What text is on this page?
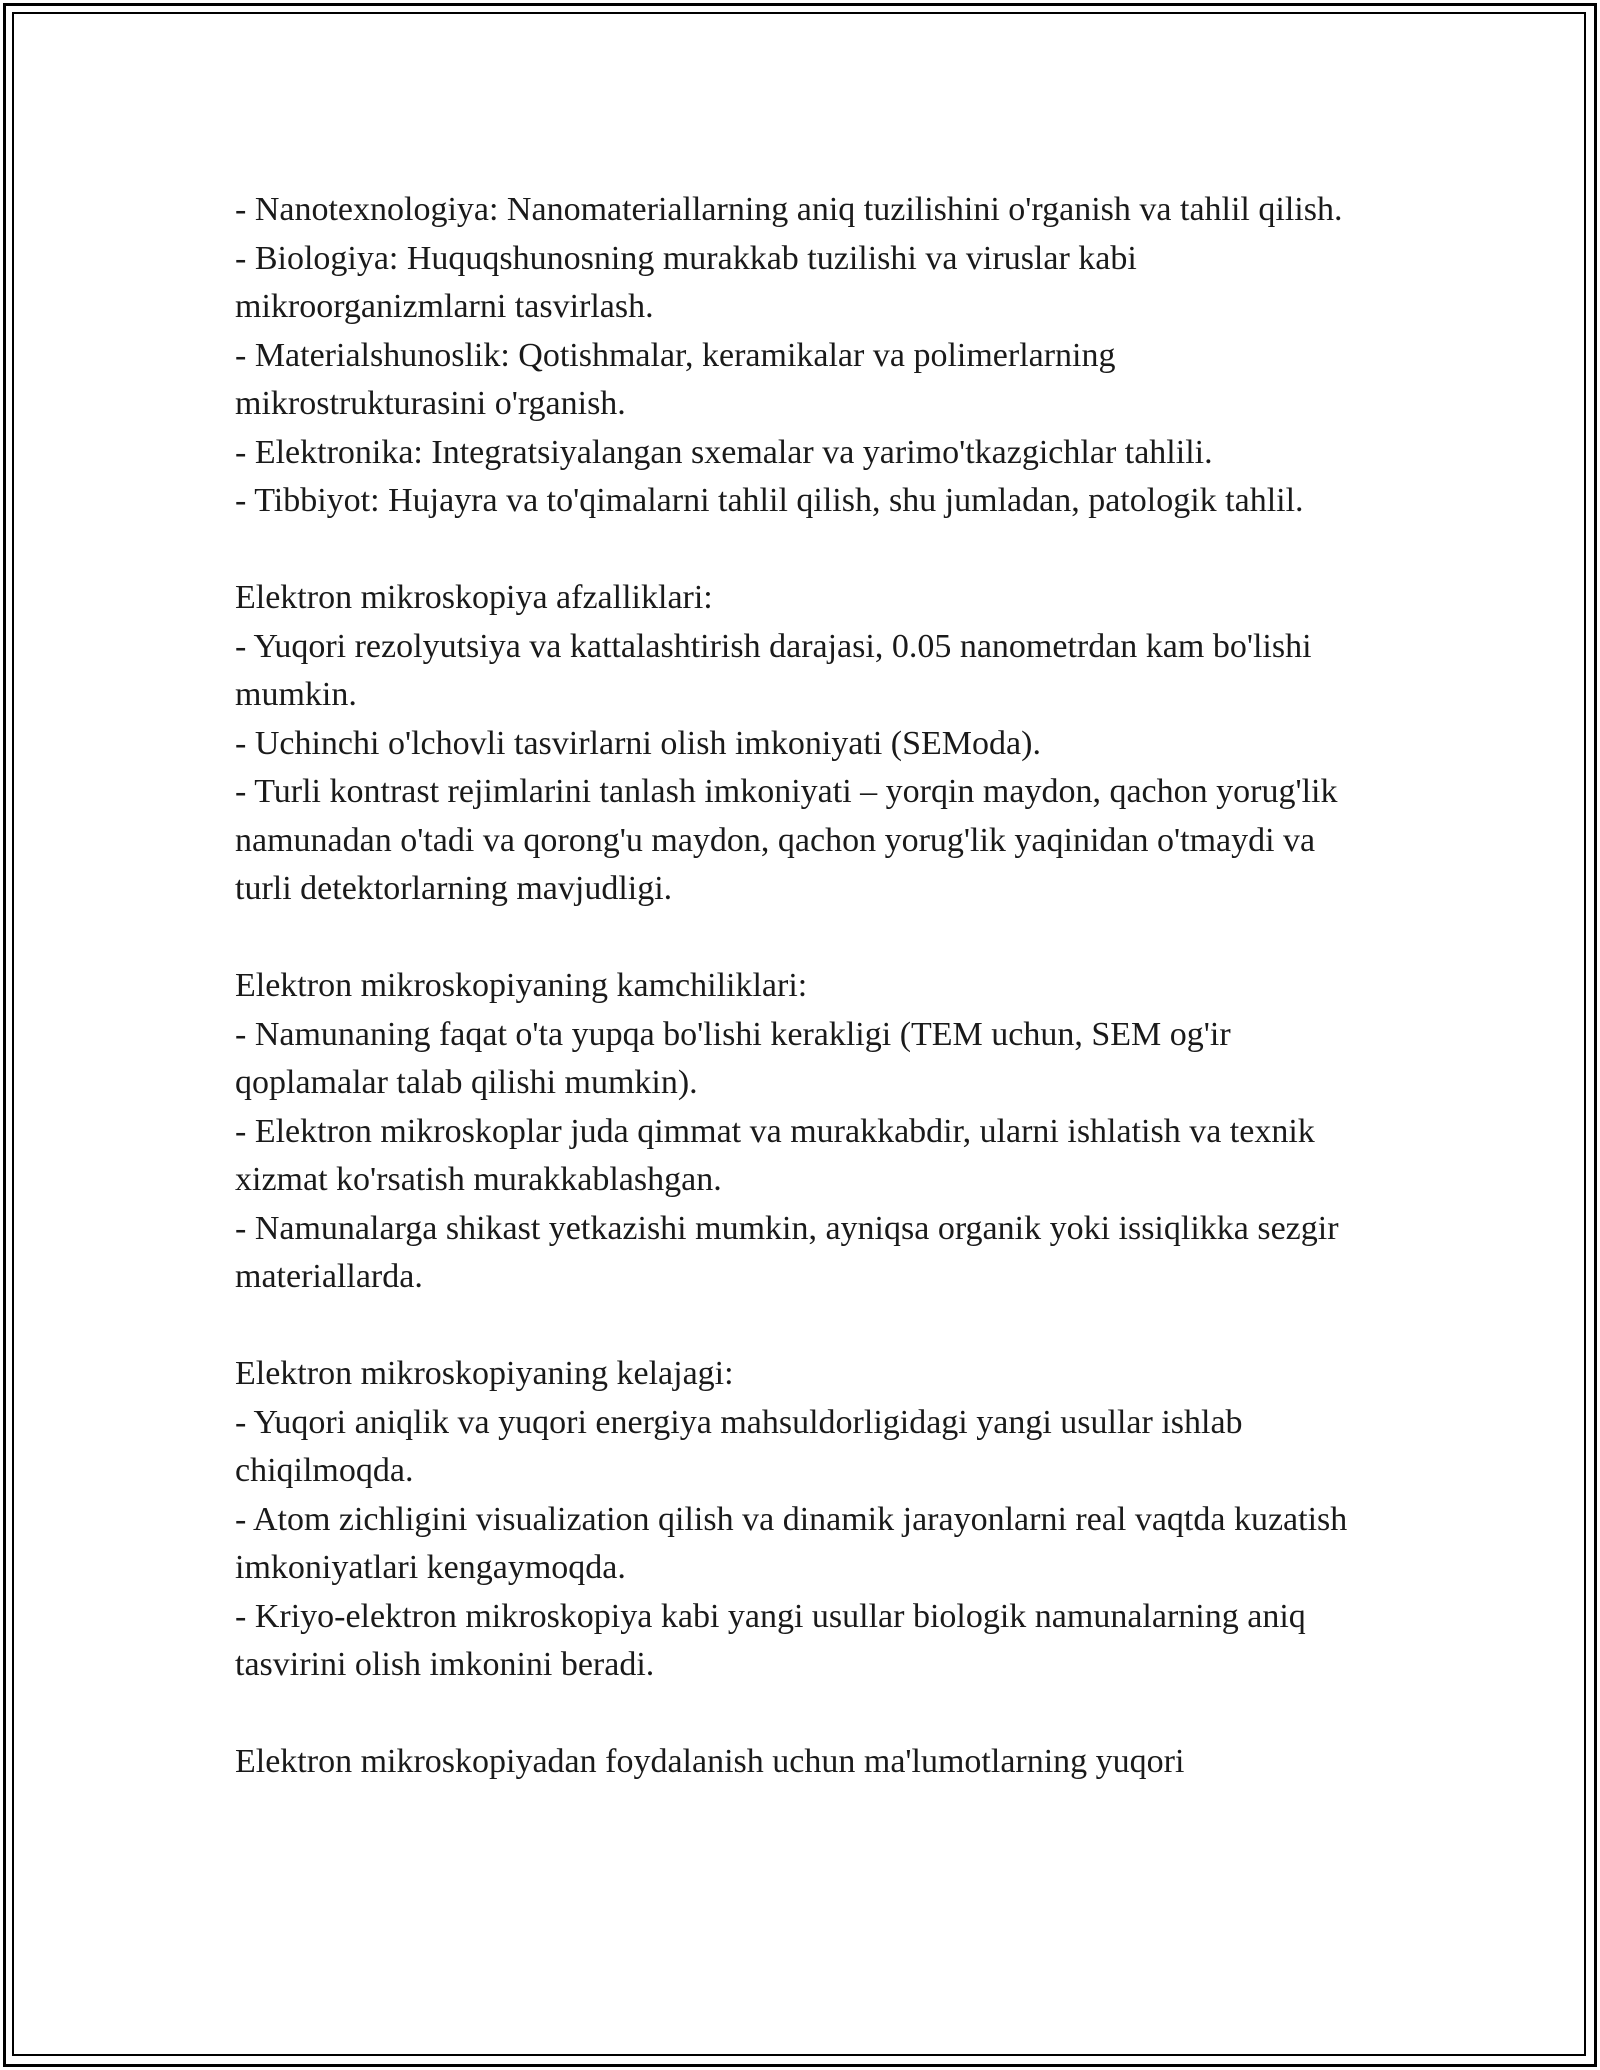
- Nanotexnologiya: Nanomateriallarning aniq tuzilishini o'rganish va tahlil qilish.
- Biologiya: Huquqshunosning murakkab tuzilishi va viruslar kabi mikroorganizmlarni tasvirlash.
- Materialshunoslik: Qotishmalar, keramikalar va polimerlarning mikrostrukturasini o'rganish.
- Elektronika: Integratsiyalangan sxemalar va yarimo'tkazgichlar tahlili.
- Tibbiyot: Hujayra va to'qimalarni tahlil qilish, shu jumladan, patologik tahlil.
Elektron mikroskopiya afzalliklari:
- Yuqori rezolyutsiya va kattalashtirish darajasi, 0.05 nanometrdan kam bo'lishi mumkin.
- Uchinchi o'lchovli tasvirlarni olish imkoniyati (SEModa).
- Turli kontrast rejimlarini tanlash imkoniyati – yorqin maydon, qachon yorug'lik namunadan o'tadi va qorong'u maydon, qachon yorug'lik yaqinidan o'tmaydi va turli detektorlarning mavjudligi.
Elektron mikroskopiyaning kamchiliklari:
- Namunaning faqat o'ta yupqa bo'lishi kerakligi (TEM uchun, SEM og'ir qoplamalar talab qilishi mumkin).
- Elektron mikroskoplar juda qimmat va murakkabdir, ularni ishlatish va texnik xizmat ko'rsatish murakkablashgan.
- Namunalarga shikast yetkazishi mumkin, ayniqsa organik yoki issiqlikka sezgir materiallarda.
Elektron mikroskopiyaning kelajagi:
- Yuqori aniqlik va yuqori energiya mahsuldorligidagi yangi usullar ishlab chiqilmoqda.
- Atom zichligini visualization qilish va dinamik jarayonlarni real vaqtda kuzatish imkoniyatlari kengaymoqda.
- Kriyo-elektron mikroskopiya kabi yangi usullar biologik namunalarning aniq tasvirini olish imkonini beradi.
Elektron mikroskopiyadan foydalanish uchun ma'lumotlarning yuqori
